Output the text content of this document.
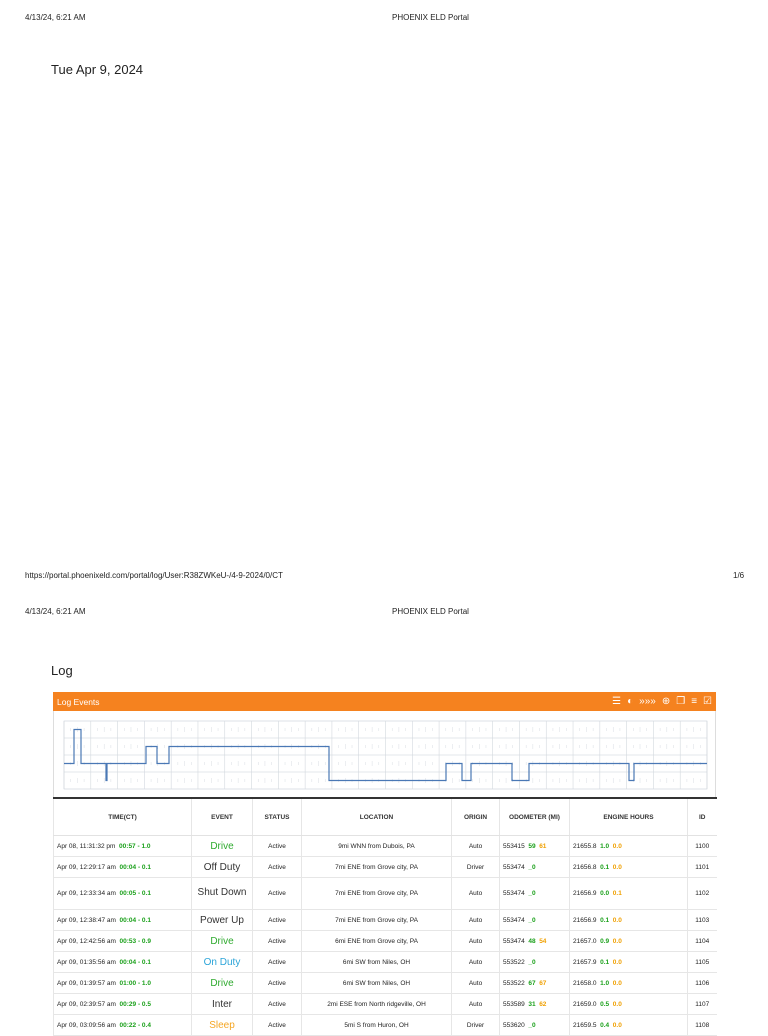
4/13/24, 6:21 AM	PHOENIX ELD Portal
Tue Apr 9, 2024
https://portal.phoenixeld.com/portal/log/User:R38ZWKeU-/4-9-2024/0/CT	1/6
4/13/24, 6:21 AM	PHOENIX ELD Portal
Log
Log Events	☰ ◐ »»» ⊕ ❐ ≡ ☑
TIME(CT)	EVENT	STATUS	LOCATION	ORIGIN	ODOMETER (MI)	ENGINE HOURS	ID
Apr 08, 11:31:32 pm 00:57 - 1.0	Drive	Active	9mi WNN from Dubois, PA	Auto	553415 59 61	21655.8 1.0 0.0	1100
Apr 09, 12:29:17 am 00:04 - 0.1	Off Duty	Active	7mi ENE from Grove city, PA	Driver	553474 _0	21656.8 0.1 0.0	1101
Apr 09, 12:33:34 am 00:05 - 0.1	Shut Down	Active	7mi ENE from Grove city, PA	Auto	553474 _0	21656.9 0.0 0.1	1102
Apr 09, 12:38:47 am 00:04 - 0.1	Power Up	Active	7mi ENE from Grove city, PA	Auto	553474 _0	21656.9 0.1 0.0	1103
Apr 09, 12:42:56 am 00:53 - 0.9	Drive	Active	6mi ENE from Grove city, PA	Auto	553474 48 54	21657.0 0.9 0.0	1104
Apr 09, 01:35:56 am 00:04 - 0.1	On Duty	Active	6mi SW from Niles, OH	Auto	553522 _0	21657.9 0.1 0.0	1105
Apr 09, 01:39:57 am 01:00 - 1.0	Drive	Active	6mi SW from Niles, OH	Auto	553522 67 67	21658.0 1.0 0.0	1106
Apr 09, 02:39:57 am 00:29 - 0.5	Inter	Active	2mi ESE from North ridgeville, OH	Auto	553589 31 62	21659.0 0.5 0.0	1107
Apr 09, 03:09:56 am 00:22 - 0.4	Sleep	Active	5mi S from Huron, OH	Driver	553620 _0	21659.5 0.4 0.0	1108
